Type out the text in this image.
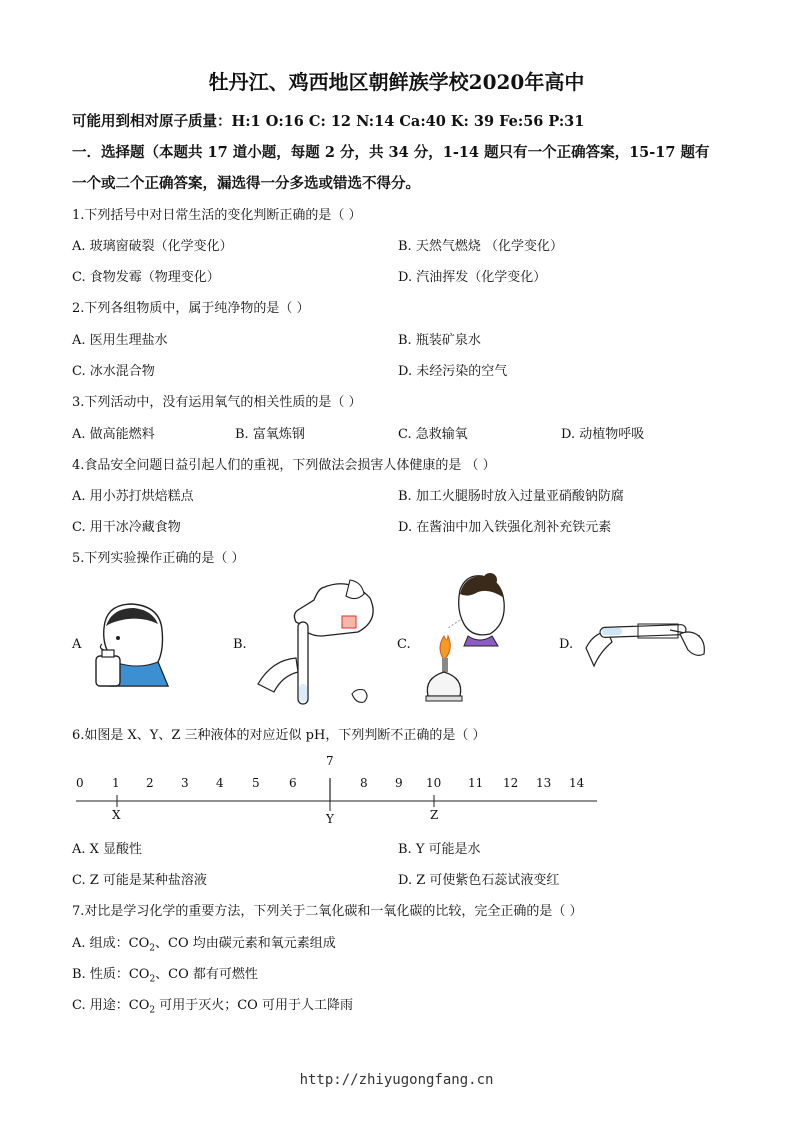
牡丹江、鸡西地区朝鲜族学校2020年高中
可能用到相对原子质量：H:1 O:16 C: 12 N:14 Ca:40 K: 39 Fe:56 P:31
一．选择题（本题共 17 道小题，每题 2 分，共 34 分，1-14 题只有一个正确答案，15-17 题有
一个或二个正确答案，漏选得一分多选或错选不得分。
1.下列括号中对日常生活的变化判断正确的是（ ）
A. 玻璃窗破裂（化学变化）	B. 天然气燃烧 （化学变化）
C. 食物发霉（物理变化）	D. 汽油挥发（化学变化）
2.下列各组物质中，属于纯净物的是（ ）
A. 医用生理盐水	B. 瓶装矿泉水
C. 冰水混合物	D. 未经污染的空气
3.下列活动中，没有运用氧气的相关性质的是（ ）
A. 做高能燃料	B. 富氧炼钢	C. 急救输氧	D. 动植物呼吸
4.食品安全问题日益引起人们的重视，下列做法会损害人体健康的是 （ ）
A. 用小苏打烘焙糕点	B. 加工火腿肠时放入过量亚硝酸钠防腐
C. 用干冰冷藏食物	D. 在酱油中加入铁强化剂补充铁元素
5.下列实验操作正确的是（ ）
A	B.	C.	D.
6.如图是 X、Y、Z 三种液体的对应近似 pH，下列判断不正确的是（ ）
0 1 2 3 4 5 6
7
8 9 10 11 12 13 14
X	Y	Z
A. X 显酸性	B. Y 可能是水
C. Z 可能是某种盐溶液	D. Z 可使紫色石蕊试液变红
7.对比是学习化学的重要方法，下列关于二氧化碳和一氧化碳的比较，完全正确的是（ ）
A. 组成：$CO_2$、CO 均由碳元素和氧元素组成
B. 性质：$CO_2$、CO 都有可燃性
C. 用途：$CO_2$ 可用于灭火；CO 可用于人工降雨
http://zhiyugongfang.cn
